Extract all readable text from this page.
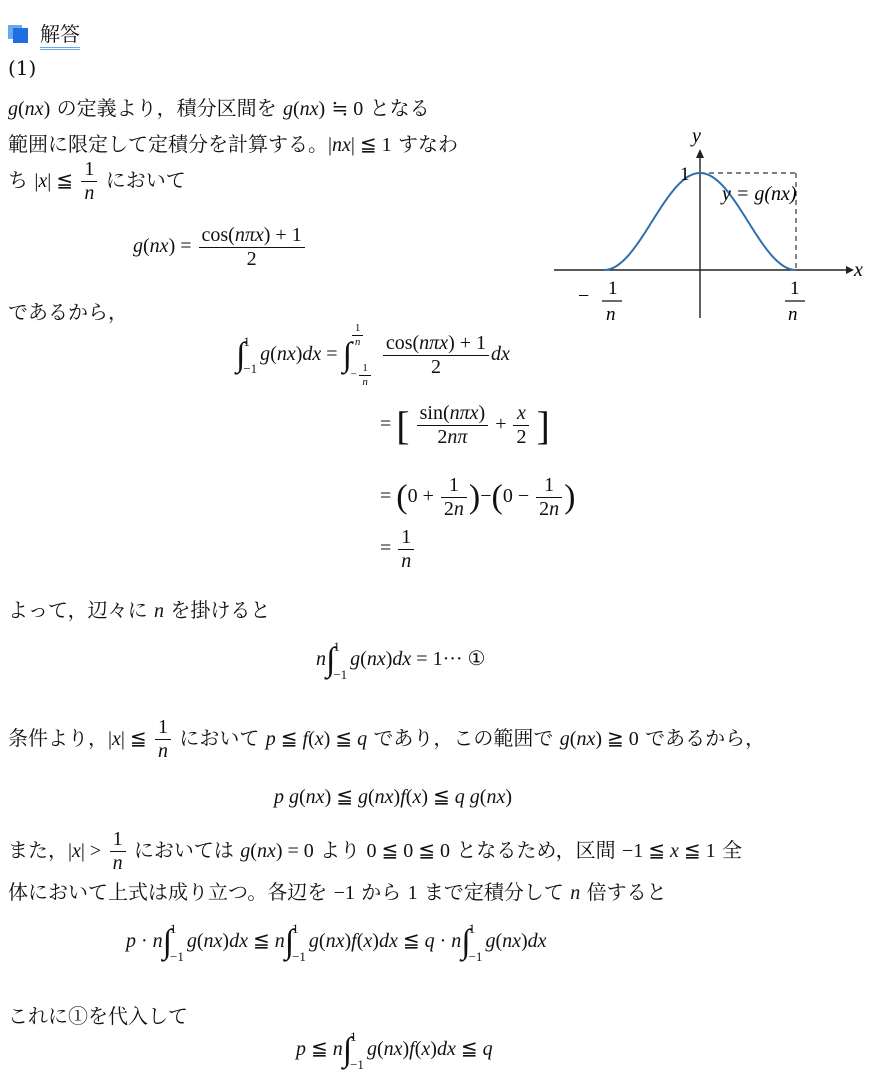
解答
(1)
g(nx) の定義より，積分区間を g(nx) ≒ 0 となる
範囲に限定して定積分を計算する。|nx| ≦ 1 すなわ
ち |x| ≦ $\frac{1}{n}$ において
$g(nx) = \frac{\text{cos(nπx) + 1}}{2}$	x
y
1
y = g(nx)
− 1
n
1
n
であるから，
∫
1
−1
g(nx)dx = ∫
$\frac{1}{n}$
− $\frac{1}{n}$
$\frac{\text{cos(nπx) + 1}}{2}$ dx
= [ $\frac{\text{sin(nπx)}}{2n\pi} + \frac{x}{2}$ ]
= $(0 + \frac{1}{2n} )-(0 - \frac{1}{2n}$ )
= $\frac{1}{n}$
よって，辺々に n を掛けると
n∫
1
−1
g(nx)dx = 1··· ①
条件より，|x| ≦ $\frac{1}{n}$ において p ≦ f(x) ≦ q であり，この範囲で g(nx) ≧ 0 であるから，
p g(nx) ≦ g(nx)f(x) ≦ q g(nx)
また，$|x| > \frac{1}{n}$ においては g(nx) = 0 より 0 ≦ 0 ≦ 0 となるため，区間 −1 ≦ x ≦ 1 全
体において上式は成り立つ。各辺を −1 から 1 まで定積分して n 倍すると
p · n∫
1
−1
g(nx)dx ≦ n∫
1
−1
g(nx)f(x)dx ≦ q · n∫
1
−1
g(nx)dx
これに①を代入して
p ≦ n∫
1
−1
g(nx)f(x)dx ≦ q
